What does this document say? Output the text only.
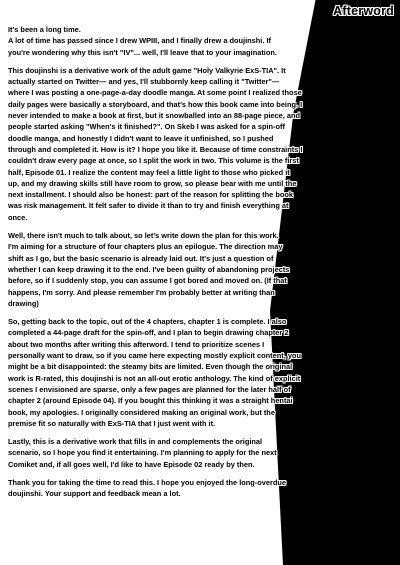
Afterword

It's been a long time.
A lot of time has passed since I drew WPIII, and I finally drew a doujinshi. If
you're wondering why this isn't "IV"... well, I'll leave that to your imagination.

This doujinshi is a derivative work of the adult game "Holy Valkyrie ExS-TIA". It
actually started on Twitter— and yes, I'll stubbornly keep calling it "Twitter"—
where I was posting a one-page-a-day doodle manga. At some point I realized those
daily pages were basically a storyboard, and that's how this book came into being. I
never intended to make a book at first, but it snowballed into an 88-page piece, and
people started asking "When's it finished?". On Skeb I was asked for a spin-off
doodle manga, and honestly I didn't want to leave it unfinished, so I pushed
through and completed it. How is it? I hope you like it. Because of time constraints I
couldn't draw every page at once, so I split the work in two. This volume is the first
half, Episode 01. I realize the content may feel a little light to those who picked it
up, and my drawing skills still have room to grow, so please bear with me until the
next installment. I should also be honest: part of the reason for splitting the book
was risk management. It felt safer to divide it than to try and finish everything at
once.

Well, there isn't much to talk about, so let's write down the plan for this work.
I'm aiming for a structure of four chapters plus an epilogue. The direction may
shift as I go, but the basic scenario is already laid out. It's just a question of
whether I can keep drawing it to the end. I've been guilty of abandoning projects
before, so if I suddenly stop, you can assume I got bored and moved on. (If that
happens, I'm sorry. And please remember I'm probably better at writing than
drawing)

So, getting back to the topic, out of the 4 chapters, chapter 1 is complete. I also
completed a 44-page draft for the spin-off, and I plan to begin drawing chapter 2
about two months after writing this afterword. I tend to prioritize scenes I
personally want to draw, so if you came here expecting mostly explicit content, you
might be a bit disappointed: the steamy bits are limited. Even though the original
work is R-rated, this doujinshi is not an all-out erotic anthology. The kind of explicit
scenes I envisioned are sparse, only a few pages are planned for the later half of
chapter 2 (around Episode 04). If you bought this thinking it was a straight hentai
book, my apologies. I originally considered making an original work, but the
premise fit so naturally with ExS-TIA that I just went with it.

Lastly, this is a derivative work that fills in and complements the original
scenario, so I hope you find it entertaining. I'm planning to apply for the next
Comiket and, if all goes well, I'd like to have Episode 02 ready by then.

Thank you for taking the time to read this. I hope you enjoyed the long-overdue
doujinshi. Your support and feedback mean a lot.
